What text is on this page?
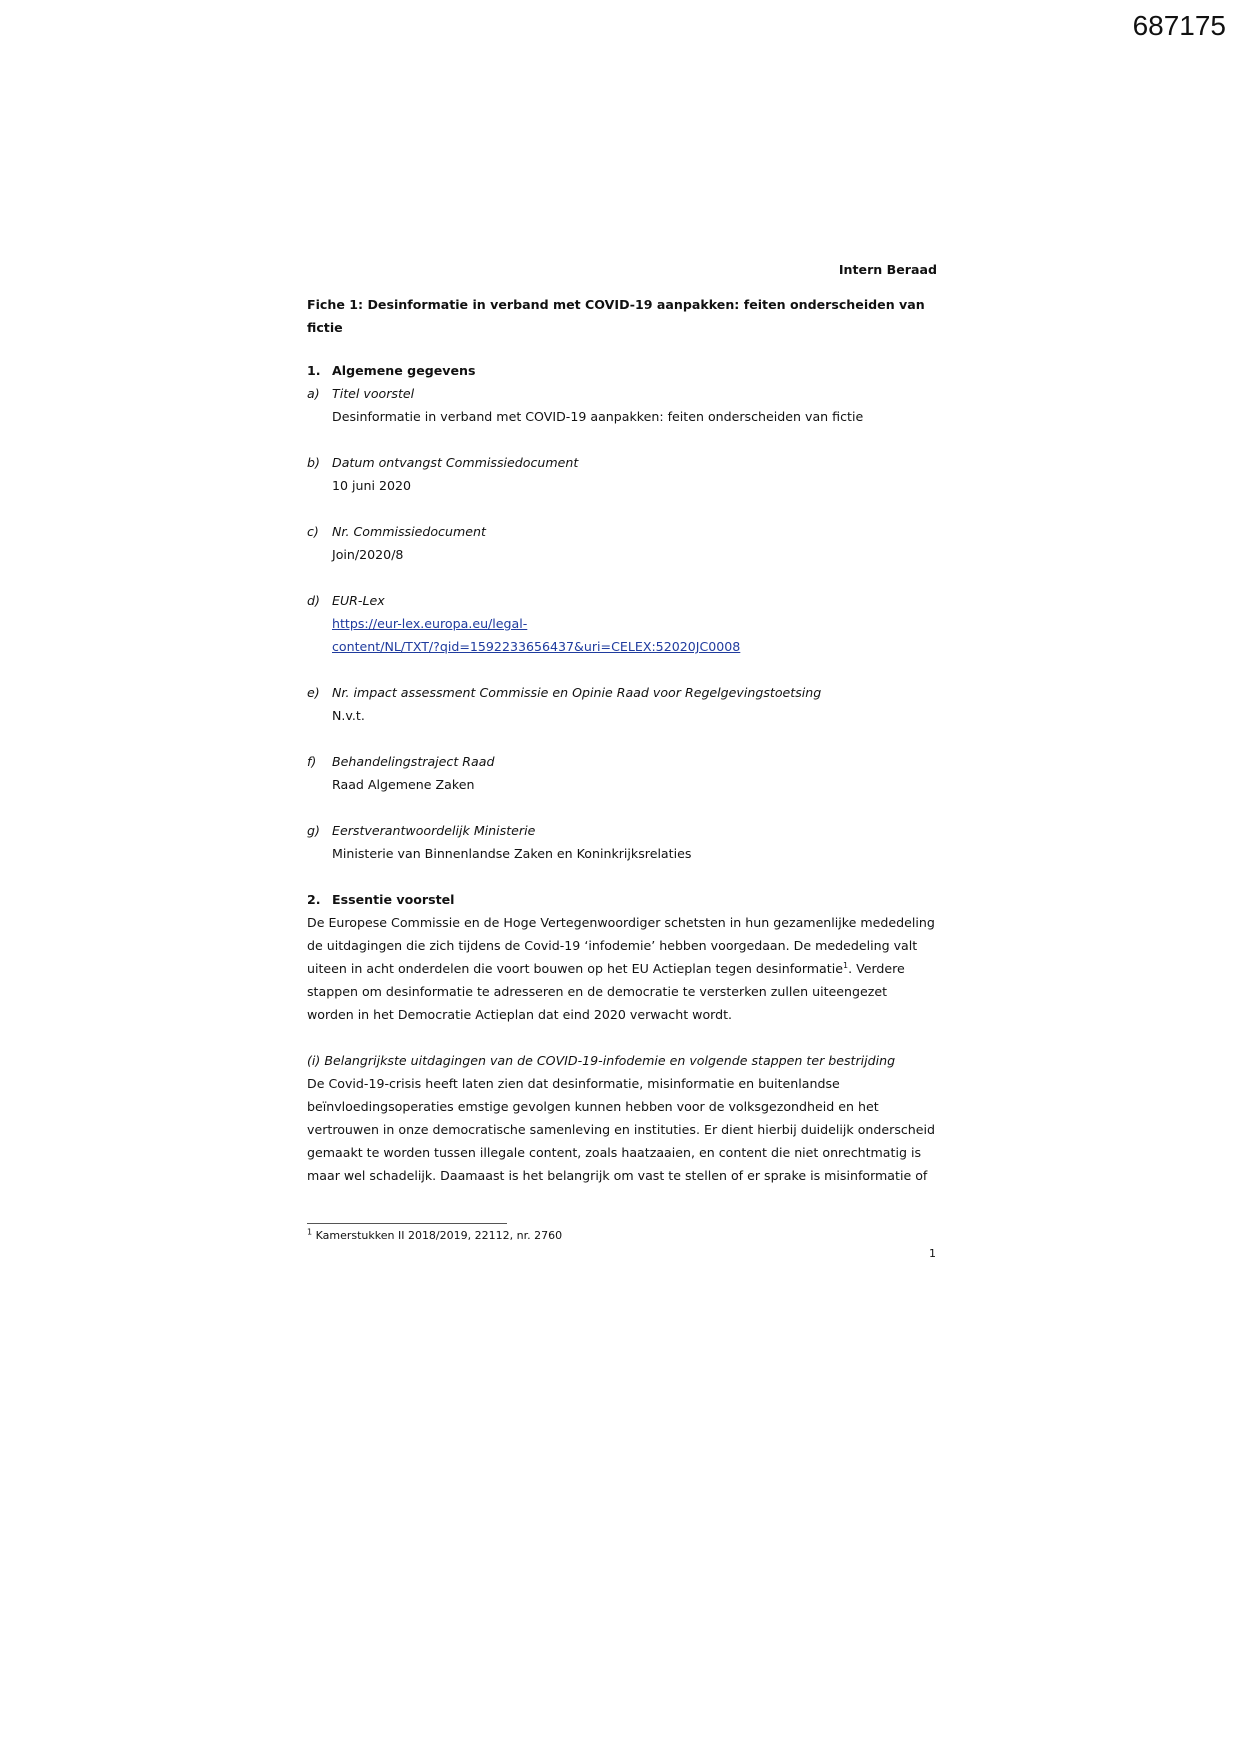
687175
Intern Beraad
Fiche 1: Desinformatie in verband met COVID-19 aanpakken: feiten onderscheiden van fictie
1. Algemene gegevens
a) Titel voorstel
Desinformatie in verband met COVID-19 aanpakken: feiten onderscheiden van fictie
b) Datum ontvangst Commissiedocument
10 juni 2020
c)	Nr. Commissiedocument
Join/2020/8
d) EUR-Lex
https://eur-lex.europa.eu/legal-
content/NL/TXT/?qid=1592233656437&uri=CELEX:52020JC0008
e) Nr. impact assessment Commissie en Opinie Raad voor Regelgevingstoetsing
N.v.t.
f)	Behandelingstraject Raad
Raad Algemene Zaken
g) Eerstverantwoordelijk Ministerie
Ministerie van Binnenlandse Zaken en Koninkrijksrelaties
2. Essentie voorstel

De Europese Commissie en de Hoge Vertegenwoordiger schetsten in hun gezamenlijke mededeling de uitdagingen die zich tijdens de Covid-19 ‘infodemie’ hebben voorgedaan. De mededeling valt uiteen in acht onderdelen die voort bouwen op het EU Actieplan tegen desinformatie$^1$. Verdere stappen om desinformatie te adresseren en de democratie te versterken zullen uiteengezet worden in het Democratie Actieplan dat eind 2020 verwacht wordt.

(i) Belangrijkste uitdagingen van de COVID-19-infodemie en volgende stappen ter bestrijding

De Covid-19-crisis heeft laten zien dat desinformatie, misinformatie en buitenlandse beïnvloedingsoperaties emstige gevolgen kunnen hebben voor de volksgezondheid en het vertrouwen in onze democratische samenleving en instituties. Er dient hierbij duidelijk onderscheid gemaakt te worden tussen illegale content, zoals haatzaaien, en content die niet onrechtmatig is maar wel schadelijk. Daamaast is het belangrijk om vast te stellen of er sprake is misinformatie of

$^1$ Kamerstukken II 2018/2019, 22112, nr. 2760
1
